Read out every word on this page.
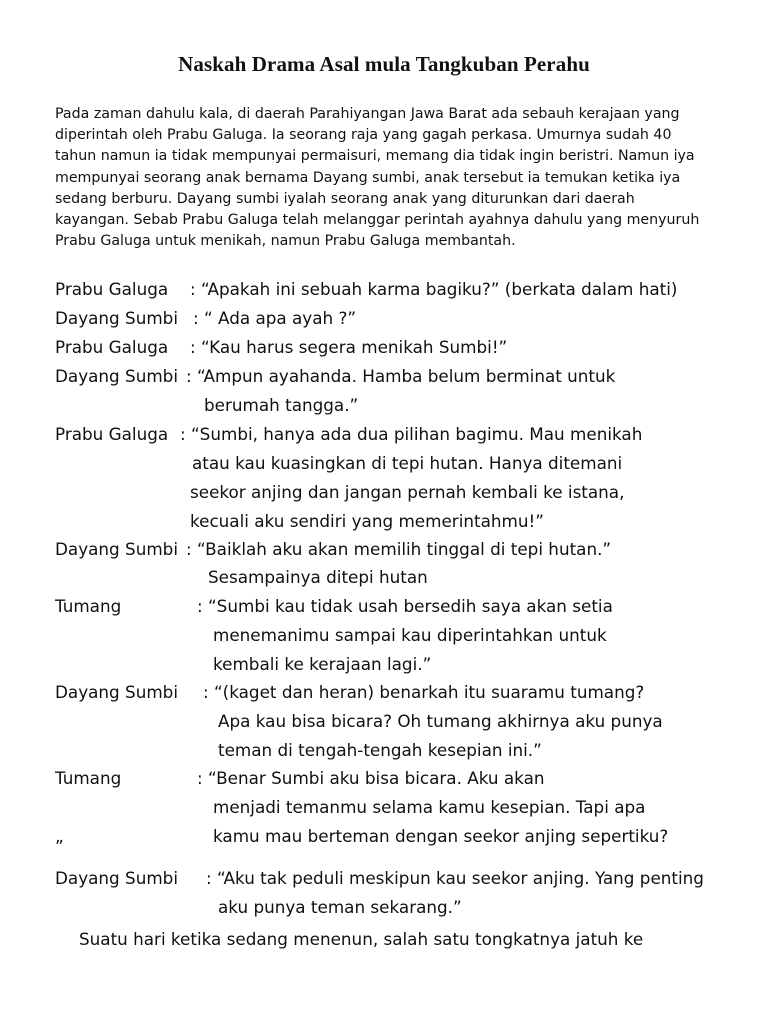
Naskah Drama Asal mula Tangkuban Perahu
Pada zaman dahulu kala, di daerah Parahiyangan Jawa Barat ada sebauh kerajaan yang
diperintah oleh Prabu Galuga. Ia seorang raja yang gagah perkasa. Umurnya sudah 40
tahun namun ia tidak mempunyai permaisuri, memang dia tidak ingin beristri. Namun iya
mempunyai seorang anak bernama Dayang sumbi, anak tersebut ia temukan ketika iya
sedang berburu. Dayang sumbi iyalah seorang anak yang diturunkan dari daerah
kayangan. Sebab Prabu Galuga telah melanggar perintah ayahnya dahulu yang menyuruh
Prabu Galuga untuk menikah, namun Prabu Galuga membantah.
Prabu Galuga : “Apakah ini sebuah karma bagiku?” (berkata dalam hati)
Dayang Sumbi : “ Ada apa ayah ?”
Prabu Galuga : “Kau harus segera menikah Sumbi!”
Dayang Sumbi : “Ampun ayahanda. Hamba belum berminat untuk
berumah tangga.”
Prabu Galuga : “Sumbi, hanya ada dua pilihan bagimu. Mau menikah
atau kau kuasingkan di tepi hutan. Hanya ditemani
seekor anjing dan jangan pernah kembali ke istana,
kecuali aku sendiri yang memerintahmu!”
Dayang Sumbi : “Baiklah aku akan memilih tinggal di tepi hutan.”
Sesampainya ditepi hutan
Tumang	: “Sumbi kau tidak usah bersedih saya akan setia
menemanimu sampai kau diperintahkan untuk
kembali ke kerajaan lagi.”
Dayang Sumbi : “(kaget dan heran) benarkah itu suaramu tumang?
Apa kau bisa bicara? Oh tumang akhirnya aku punya
teman di tengah-tengah kesepian ini.”
Tumang	: “Benar Sumbi aku bisa bicara. Aku akan
menjadi temanmu selama kamu kesepian. Tapi apa
„	kamu mau berteman dengan seekor anjing sepertiku?
Dayang Sumbi : “Aku tak peduli meskipun kau seekor anjing. Yang penting
aku punya teman sekarang.”
Suatu hari ketika sedang menenun, salah satu tongkatnya jatuh ke
